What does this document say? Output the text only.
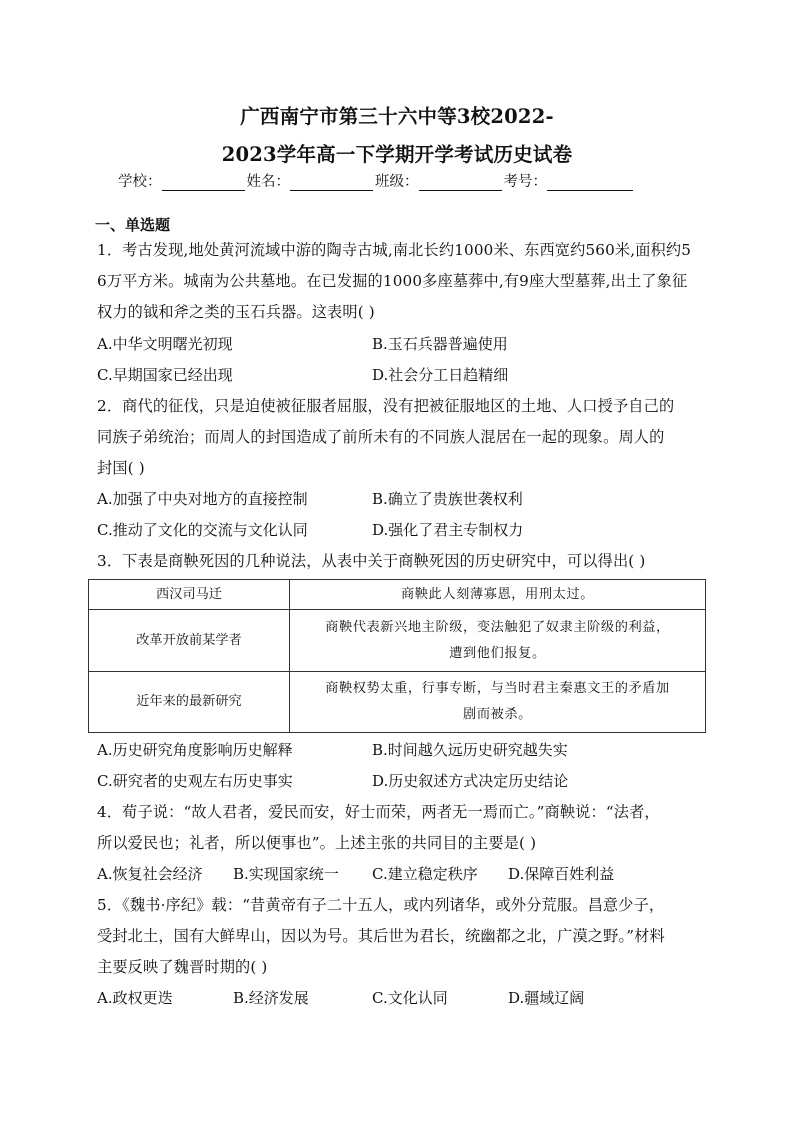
广西南宁市第三十六中等3校2022-
2023学年高一下学期开学考试历史试卷
学校：	姓名：	班级：	考号：
一、单选题
1．考古发现,地处黄河流域中游的陶寺古城,南北长约1000米、东西宽约560米,面积约5
6万平方米。城南为公共墓地。在已发掘的1000多座墓葬中,有9座大型墓葬,出土了象征
权力的钺和斧之类的玉石兵器。这表明( )
A.中华文明曙光初现	B.玉石兵器普遍使用
C.早期国家已经出现	D.社会分工日趋精细
2．商代的征伐，只是迫使被征服者屈服，没有把被征服地区的土地、人口授予自己的
同族子弟统治；而周人的封国造成了前所未有的不同族人混居在一起的现象。周人的
封国( )
A.加强了中央对地方的直接控制	B.确立了贵族世袭权利
C.推动了文化的交流与文化认同	D.强化了君主专制权力
3．下表是商鞅死因的几种说法，从表中关于商鞅死因的历史研究中，可以得出( )
西汉司马迁	商鞅此人刻薄寡恩，用刑太过。

改革开放前某学者	商鞅代表新兴地主阶级，变法触犯了奴隶主阶级的利益，
遭到他们报复。

近年来的最新研究	商鞅权势太重，行事专断，与当时君主秦惠文王的矛盾加
剧而被杀。
A.历史研究角度影响历史解释	B.时间越久远历史研究越失实
C.研究者的史观左右历史事实	D.历史叙述方式决定历史结论
4．荀子说：“故人君者，爱民而安，好士而荣，两者无一焉而亡。”商鞅说：“法者，
所以爱民也；礼者，所以便事也”。上述主张的共同目的主要是( )
A.恢复社会经济 B.实现国家统一 C.建立稳定秩序 D.保障百姓利益
5．《魏书·序纪》载：“昔黄帝有子二十五人，或内列诸华，或外分荒服。昌意少子，
受封北土，国有大鲜卑山，因以为号。其后世为君长，统幽都之北，广漠之野。”材料
主要反映了魏晋时期的( )
A.政权更迭	B.经济发展	C.文化认同	D.疆域辽阔
